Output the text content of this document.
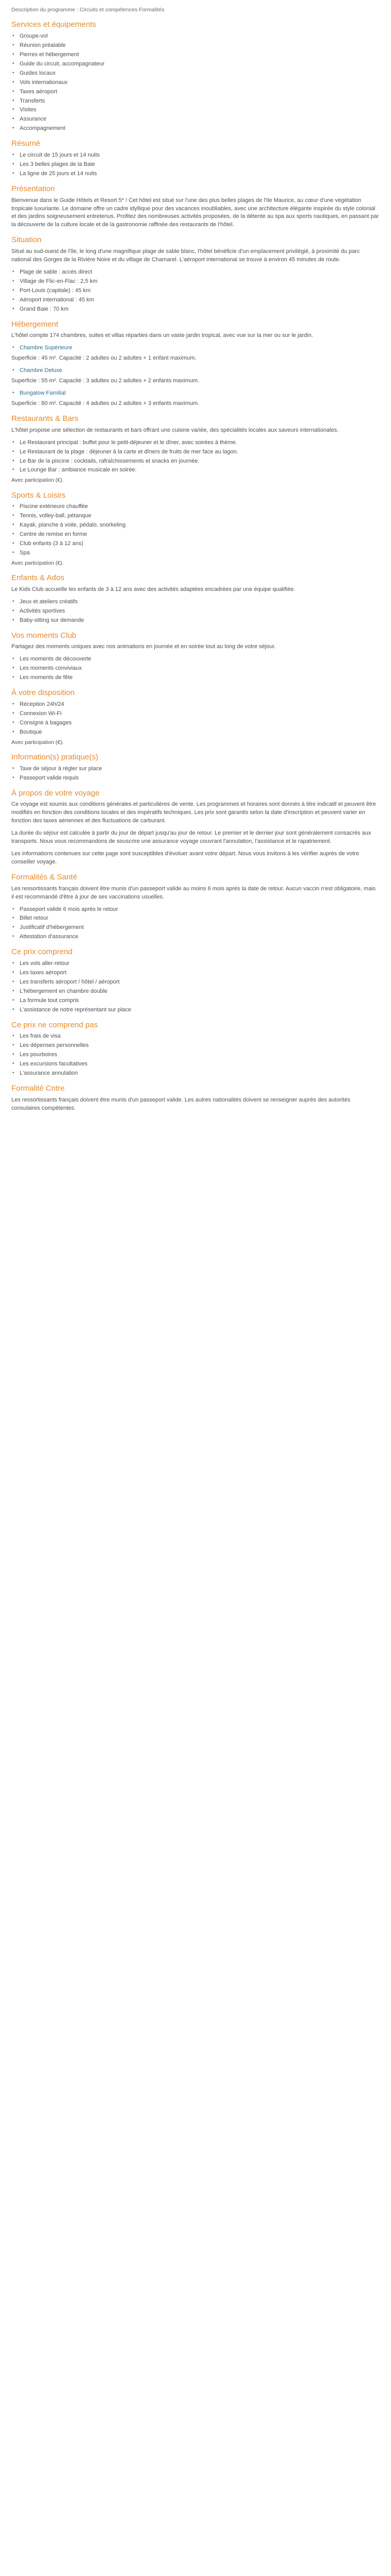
Description du programme : Circuits et compétences Formalités

Services et équipements
▪ Groupe-vol
▪ Réunion préalable
▪ Pierres et hébergement
▪ Guide du circuit, accompagnateur
▪ Guides locaux
▪ Vols internationaux
▪ Taxes aéroport
▪ Transferts
▪ Visites
▪ Assurance
▪ Accompagnement
Résumé
▪ Le circuit de 15 jours et 14 nuits
▪ Les 3 belles plages de la Baie
▪ La ligne de 25 jours et 14 nuits
Présentation

Bienvenue dans le Guide Hôtels et Resort 5* ! Cet hôtel est situé sur l'une des plus belles plages de l'Ile Maurice, au cœur d'une végétation tropicale luxuriante. Le domaine offre un cadre idyllique pour des vacances inoubliables, avec une architecture élégante inspirée du style colonial et des jardins soigneusement entretenus. Profitez des nombreuses activités proposées, de la détente au spa aux sports nautiques, en passant par la découverte de la culture locale et de la gastronomie raffinée des restaurants de l'hôtel.

Situation

Situé au sud-ouest de l'île, le long d'une magnifique plage de sable blanc, l'hôtel bénéficie d'un emplacement privilégié, à proximité du parc national des Gorges de la Rivière Noire et du village de Chamarel. L'aéroport international se trouve à environ 45 minutes de route.

▪ Plage de sable : accès direct
▪ Village de Flic-en-Flac : 2,5 km
▪ Port-Louis (capitale) : 45 km
▪ Aéroport international : 45 km
▪ Grand Baie : 70 km
Hébergement

L'hôtel compte 174 chambres, suites et villas réparties dans un vaste jardin tropical, avec vue sur la mer ou sur le jardin.

▪ Chambre Supérieure

Superficie : 45 m². Capacité : 2 adultes ou 2 adultes + 1 enfant maximum.

▪ Chambre Deluxe

Superficie : 55 m². Capacité : 3 adultes ou 2 adultes + 2 enfants maximum.

▪ Bungalow Familial

Superficie : 80 m². Capacité : 4 adultes ou 2 adultes + 3 enfants maximum.

Restaurants & Bars

L'hôtel propose une sélection de restaurants et bars offrant une cuisine variée, des spécialités locales aux saveurs internationales.

▪ Le Restaurant principal : buffet pour le petit-déjeuner et le dîner, avec soirées à thème.
▪ Le Restaurant de la plage : déjeuner à la carte et dîners de fruits de mer face au lagon.
▪ Le Bar de la piscine : cocktails, rafraîchissements et snacks en journée.
▪ Le Lounge Bar : ambiance musicale en soirée.

Avec participation (€).

Sports & Loisirs
▪ Piscine extérieure chauffée
▪ Tennis, volley-ball, pétanque
▪ Kayak, planche à voile, pédalo, snorkeling
▪ Centre de remise en forme
▪ Club enfants (3 à 12 ans)
▪ Spa

Avec participation (€).

Enfants & Ados

Le Kids Club accueille les enfants de 3 à 12 ans avec des activités adaptées encadrées par une équipe qualifiée.

▪ Jeux et ateliers créatifs
▪ Activités sportives
▪ Baby-sitting sur demande
Vos moments Club

Partagez des moments uniques avec nos animations en journée et en soirée tout au long de votre séjour.

▪ Les moments de découverte
▪ Les moments conviviaux
▪ Les moments de fête
À votre disposition
▪ Réception 24h/24
▪ Connexion Wi-Fi
▪ Consigne à bagages
▪ Boutique

Avec participation (€).

Information(s) pratique(s)
▪ Taxe de séjour à régler sur place
▪ Passeport valide requis
À propos de votre voyage

Ce voyage est soumis aux conditions générales et particulières de vente. Les programmes et horaires sont donnés à titre indicatif et peuvent être modifiés en fonction des conditions locales et des impératifs techniques. Les prix sont garantis selon la date d'inscription et peuvent varier en fonction des taxes aériennes et des fluctuations de carburant.

La durée du séjour est calculée à partir du jour de départ jusqu'au jour de retour. Le premier et le dernier jour sont généralement consacrés aux transports. Nous vous recommandons de souscrire une assurance voyage couvrant l'annulation, l'assistance et le rapatriement.

Les informations contenues sur cette page sont susceptibles d'évoluer avant votre départ. Nous vous invitons à les vérifier auprès de votre conseiller voyage.

Formalités & Santé

Les ressortissants français doivent être munis d'un passeport valide au moins 6 mois après la date de retour. Aucun vaccin n'est obligatoire, mais il est recommandé d'être à jour de ses vaccinations usuelles.

▪ Passeport valide 6 mois après le retour
▪ Billet retour
▪ Justificatif d'hébergement
▪ Attestation d'assurance
Ce prix comprend
▪ Les vols aller-retour
▪ Les taxes aéroport
▪ Les transferts aéroport / hôtel / aéroport
▪ L'hébergement en chambre double
▪ La formule tout compris
▪ L'assistance de notre représentant sur place
Ce prix ne comprend pas
▪ Les frais de visa
▪ Les dépenses personnelles
▪ Les pourboires
▪ Les excursions facultatives
▪ L'assurance annulation
Formalité Cntre

Les ressortissants français doivent être munis d'un passeport valide. Les autres nationalités doivent se renseigner auprès des autorités consulaires compétentes.
